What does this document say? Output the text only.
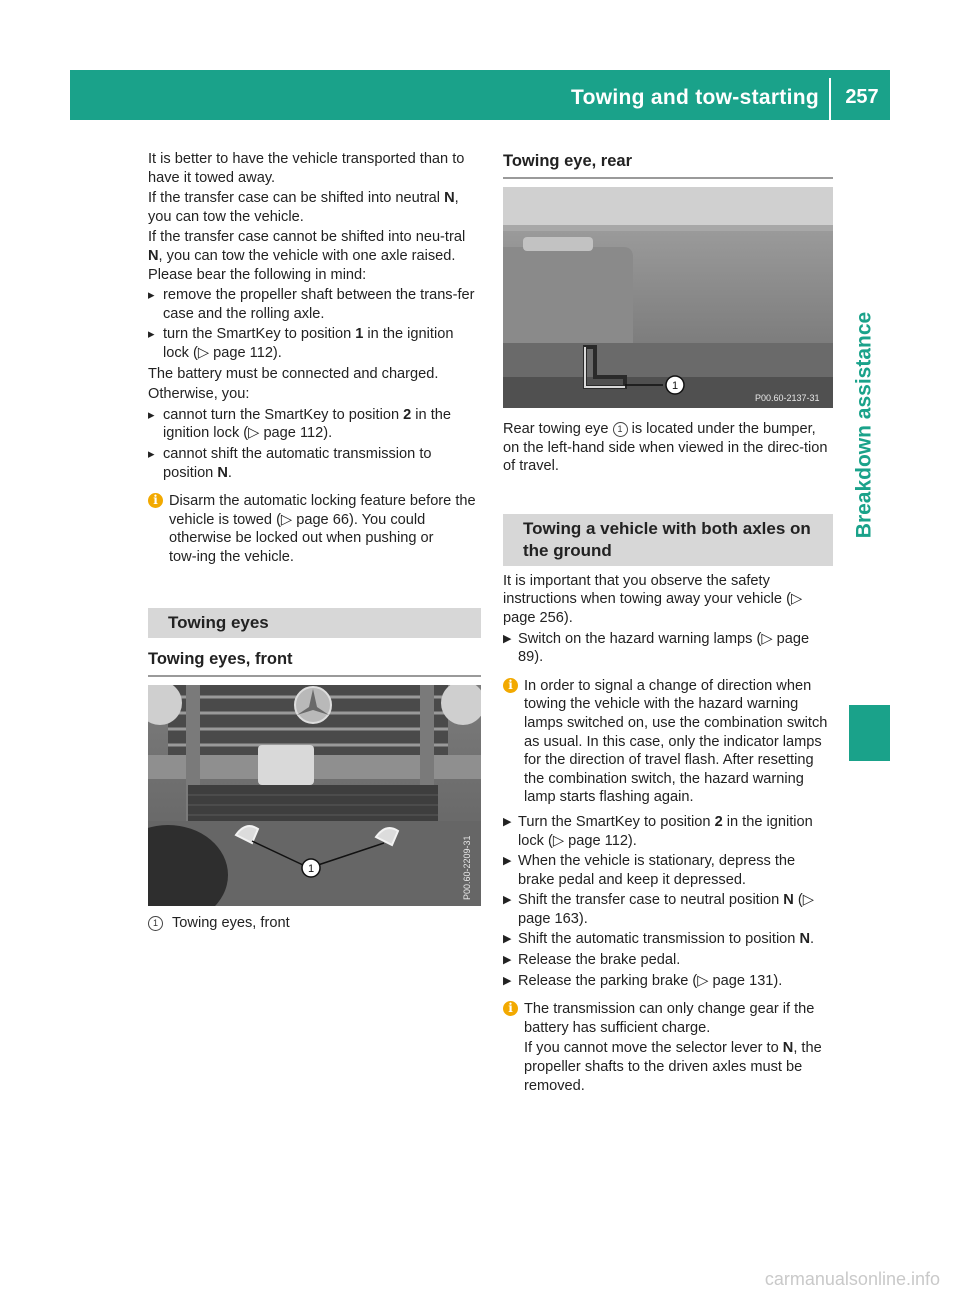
Towing and tow-starting	257
Breakdown assistance

It is better to have the vehicle transported than to have it towed away.

If the transfer case can be shifted into neutral N, you can tow the vehicle.

If the transfer case cannot be shifted into neu‑tral N, you can tow the vehicle with one axle raised. Please bear the following in mind:

▸ remove the propeller shaft between the trans‑fer case and the rolling axle.
▸ turn the SmartKey to position 1 in the ignition lock (▷ page 112).

The battery must be connected and charged.

Otherwise, you:

▸ cannot turn the SmartKey to position 2 in the ignition lock (▷ page 112).
▸ cannot shift the automatic transmission to position N.
i Disarm the automatic locking feature before the vehicle is towed (▷ page 66). You could otherwise be locked out when pushing or tow‑ing the vehicle.
Towing eyes
Towing eyes, front
1	P00.60-2209-31
1 Towing eyes, front
Towing eye, rear
1
P00.60-2137-31

Rear towing eye 1 is located under the bumper, on the left-hand side when viewed in the direc‑tion of travel.

Towing a vehicle with both axles on the ground

It is important that you observe the safety instructions when towing away your vehicle (▷ page 256).

▶ Switch on the hazard warning lamps (▷ page 89).
i In order to signal a change of direction when towing the vehicle with the hazard warning lamps switched on, use the combination switch as usual. In this case, only the indicator lamps for the direction of travel flash. After resetting the combination switch, the hazard warning lamp starts flashing again.
▶ Turn the SmartKey to position 2 in the ignition lock (▷ page 112).
▶ When the vehicle is stationary, depress the brake pedal and keep it depressed.
▶ Shift the transfer case to neutral position N (▷ page 163).
▶ Shift the automatic transmission to position N.
▶ Release the brake pedal.
▶ Release the parking brake (▷ page 131).
i The transmission can only change gear if the battery has sufficient charge.

If you cannot move the selector lever to N, the propeller shafts to the driven axles must be removed.

carmanualsonline.info
